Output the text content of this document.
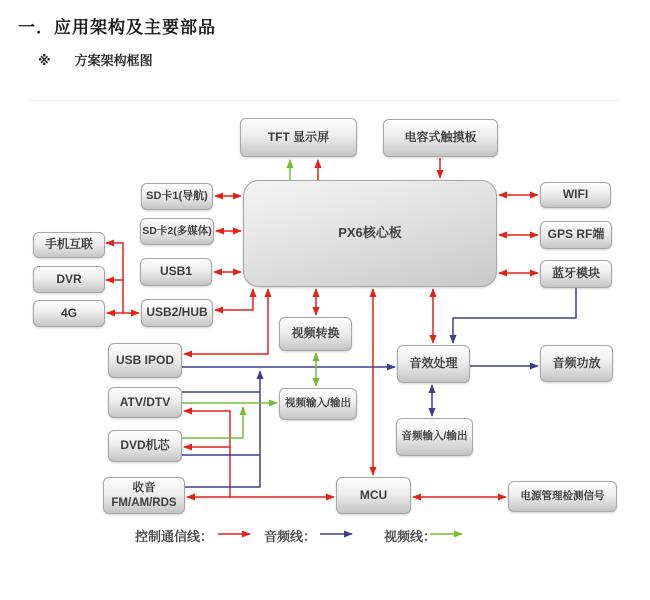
一．应用架构及主要部品
※ 方案架构框图
TFT 显示屏	电容式触摸板
SD卡1(导航)
SD卡2(多媒体)
USB1
USB2/HUB
手机互联
DVR
4G
PX6核心板
WIFI
GPS RF端
蓝牙模块
视频转换
USB IPOD
ATV/DTV
DVD机芯
视频输入/输出
音效处理	音频功放
音频输入/输出
收音
FM/AM/RDS
MCU	电源管理检测信号
控制通信线：	音频线：	视频线：
